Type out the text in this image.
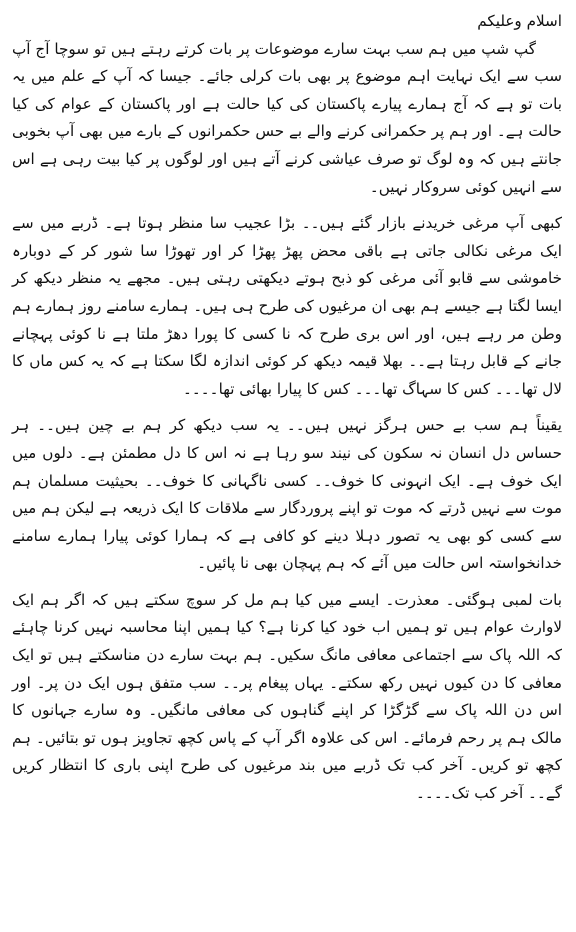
اسلام وعلیکم

گپ شپ میں ہم سب بہت سارے موضوعات پر بات کرتے رہتے ہیں تو سوچا آج آپ سب سے ایک نہایت اہم موضوع پر بھی بات کرلی جائے۔ جیسا کہ آپ کے علم میں یہ بات تو ہے کہ آج ہمارے پیارے پاکستان کی کیا حالت ہے اور پاکستان کے عوام کی کیا حالت ہے۔ اور ہم پر حکمرانی کرنے والے بے حس حکمرانوں کے بارے میں بھی آپ بخوبی جانتے ہیں کہ وہ لوگ تو صرف عیاشی کرنے آتے ہیں اور لوگوں پر کیا بیت رہی ہے اس سے انہیں کوئی سروکار نہیں۔

کبھی آپ مرغی خریدنے بازار گئے ہیں۔۔ بڑا عجیب سا منظر ہوتا ہے۔ ڈربے میں سے ایک مرغی نکالی جاتی ہے باقی محض پھڑ پھڑا کر اور تھوڑا سا شور کر کے دوبارہ خاموشی سے قابو آئی مرغی کو ذبح ہوتے دیکھتی رہتی ہیں۔ مجھے یہ منظر دیکھ کر ایسا لگتا ہے جیسے ہم بھی ان مرغیوں کی طرح ہی ہیں۔ ہمارے سامنے روز ہمارے ہم وطن مر رہے ہیں، اور اس بری طرح کہ نا کسی کا پورا دھڑ ملتا ہے نا کوئی پہچانے جانے کے قابل رہتا ہے۔۔ بھلا قیمہ دیکھ کر کوئی اندازہ لگا سکتا ہے کہ یہ کس ماں کا لال تھا۔۔۔ کس کا سہاگ تھا۔۔۔ کس کا پیارا بھائی تھا۔۔۔۔

یقیناً ہم سب بے حس ہرگز نہیں ہیں۔۔ یہ سب دیکھ کر ہم بے چین ہیں۔۔ ہر حساس دل انسان نہ سکون کی نیند سو رہا ہے نہ اس کا دل مطمئن ہے۔ دلوں میں ایک خوف ہے۔ ایک انہونی کا خوف۔۔ کسی ناگہانی کا خوف۔۔ بحیثیت مسلمان ہم موت سے نہیں ڈرتے کہ موت تو اپنے پروردگار سے ملاقات کا ایک ذریعہ ہے لیکن ہم میں سے کسی کو بھی یہ تصور دہلا دینے کو کافی ہے کہ ہمارا کوئی پیارا ہمارے سامنے خدانخواستہ اس حالت میں آئے کہ ہم پہچان بھی نا پائیں۔

بات لمبی ہوگئی۔ معذرت۔ ایسے میں کیا ہم مل کر سوچ سکتے ہیں کہ اگر ہم ایک لاوارث عوام ہیں تو ہمیں اب خود کیا کرنا ہے؟ کیا ہمیں اپنا محاسبہ نہیں کرنا چاہئے کہ اللہ پاک سے اجتماعی معافی مانگ سکیں۔ ہم بہت سارے دن مناسکتے ہیں تو ایک معافی کا دن کیوں نہیں رکھ سکتے۔ یہاں پیغام پر۔۔ سب متفق ہوں ایک دن پر۔ اور اس دن اللہ پاک سے گڑگڑا کر اپنے گناہوں کی معافی مانگیں۔ وہ سارے جہانوں کا مالک ہم پر رحم فرمائے۔ اس کی علاوہ اگر آپ کے پاس کچھ تجاویز ہوں تو بتائیں۔ ہم کچھ تو کریں۔ آخر کب تک ڈربے میں بند مرغیوں کی طرح اپنی باری کا انتظار کریں گے۔۔ آخر کب تک۔۔۔۔
